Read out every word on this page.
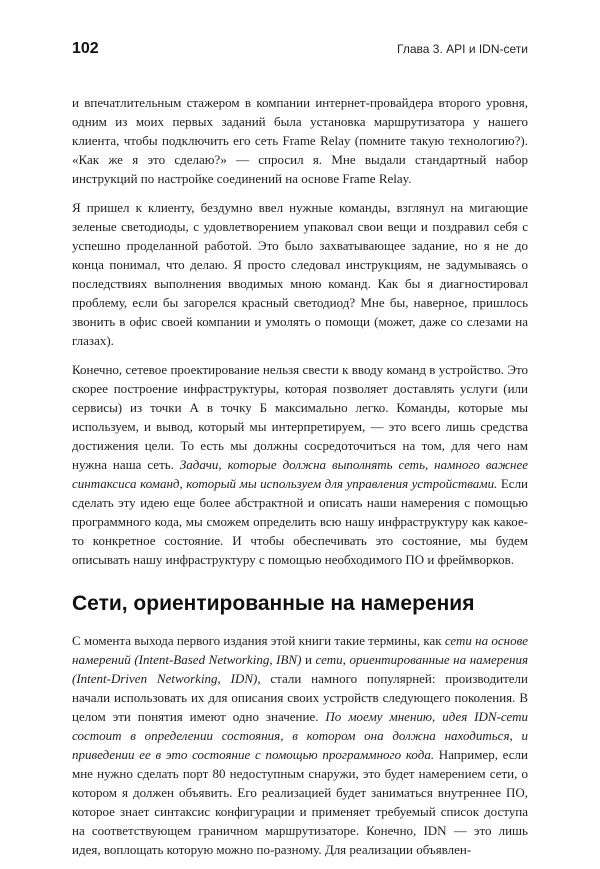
102	Глава 3. API и IDN-сети

и впечатлительным стажером в компании интернет-провайдера второго уровня, одним из моих первых заданий была установка маршрутизатора у нашего клиента, чтобы подключить его сеть Frame Relay (помните такую технологию?). «Как же я это сделаю?» — спросил я. Мне выдали стандартный набор инструкций по настройке соединений на основе Frame Relay.

Я пришел к клиенту, бездумно ввел нужные команды, взглянул на мигающие зеленые светодиоды, с удовлетворением упаковал свои вещи и поздравил себя с успешно проделанной работой. Это было захватывающее задание, но я не до конца понимал, что делаю. Я просто следовал инструкциям, не задумываясь о последствиях выполнения вводимых мною команд. Как бы я диагностировал проблему, если бы загорелся красный светодиод? Мне бы, наверное, пришлось звонить в офис своей компании и умолять о помощи (может, даже со слезами на глазах).

Конечно, сетевое проектирование нельзя свести к вводу команд в устройство. Это скорее построение инфраструктуры, которая позволяет доставлять услуги (или сервисы) из точки А в точку Б максимально легко. Команды, которые мы используем, и вывод, который мы интерпретируем, — это всего лишь средства достижения цели. То есть мы должны сосредоточиться на том, для чего нам нужна наша сеть. Задачи, которые должна выполнять сеть, намного важнее синтаксиса команд, который мы используем для управления устройствами. Если сделать эту идею еще более абстрактной и описать наши намерения с помощью программного кода, мы сможем определить всю нашу инфраструктуру как какое-то конкретное состояние. И чтобы обеспечивать это состояние, мы будем описывать нашу инфраструктуру с помощью необходимого ПО и фреймворков.

Сети, ориентированные на намерения

С момента выхода первого издания этой книги такие термины, как сети на основе намерений (Intent-Based Networking, IBN) и сети, ориентированные на намерения (Intent-Driven Networking, IDN), стали намного популярней: производители начали использовать их для описания своих устройств следующего поколения. В целом эти понятия имеют одно значение. По моему мнению, идея IDN-сети состоит в определении состояния, в котором она должна находиться, и приведении ее в это состояние с помощью программного кода. Например, если мне нужно сделать порт 80 недоступным снаружи, это будет намерением сети, о котором я должен объявить. Его реализацией будет заниматься внутреннее ПО, которое знает синтаксис конфигурации и применяет требуемый список доступа на соответствующем граничном маршрутизаторе. Конечно, IDN — это лишь идея, воплощать которую можно по-разному. Для реализации объявлен-
